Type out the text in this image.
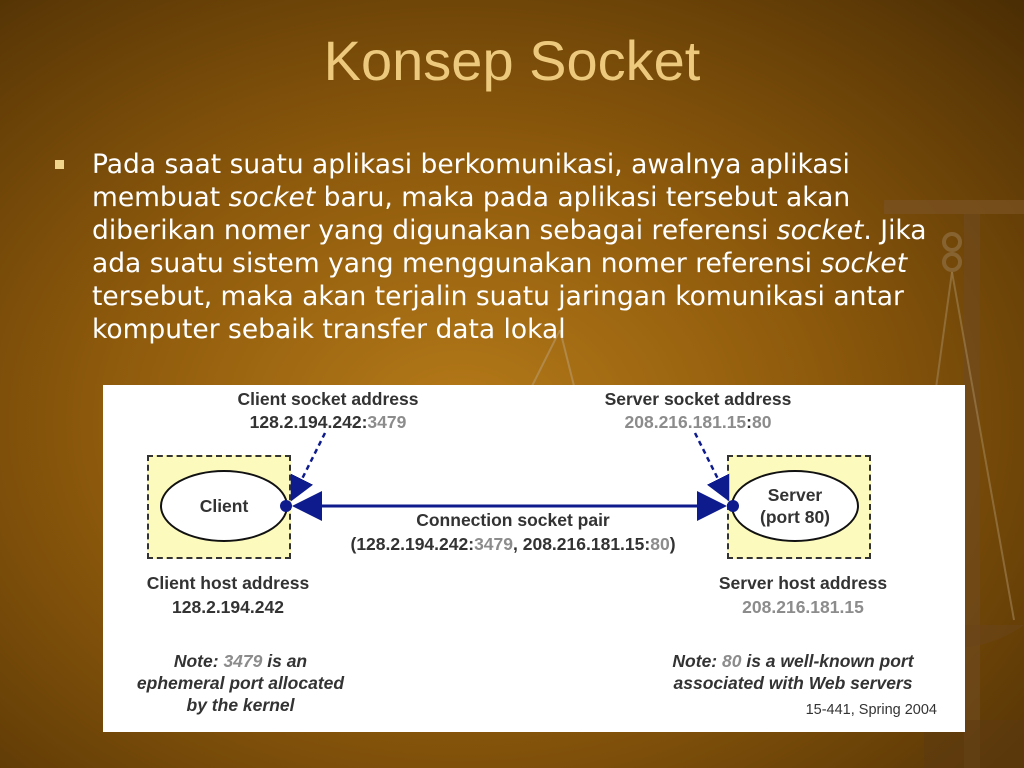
Konsep Socket
Pada saat suatu aplikasi berkomunikasi, awalnya aplikasi membuat socket baru, maka pada aplikasi tersebut akan diberikan nomer yang digunakan sebagai referensi socket. Jika ada suatu sistem yang menggunakan nomer referensi socket tersebut, maka akan terjalin suatu jaringan komunikasi antar komputer sebaik transfer data lokal
Client socket address
128.2.194.242:3479
Server socket address
208.216.181.15:80
Client
Server
(port 80)
Connection socket pair
(128.2.194.242:3479, 208.216.181.15:80)
Client host address
128.2.194.242
Server host address
208.216.181.15
Note: 3479 is an
ephemeral port allocated
by the kernel
Note: 80 is a well-known port
associated with Web servers
15-441, Spring 2004
